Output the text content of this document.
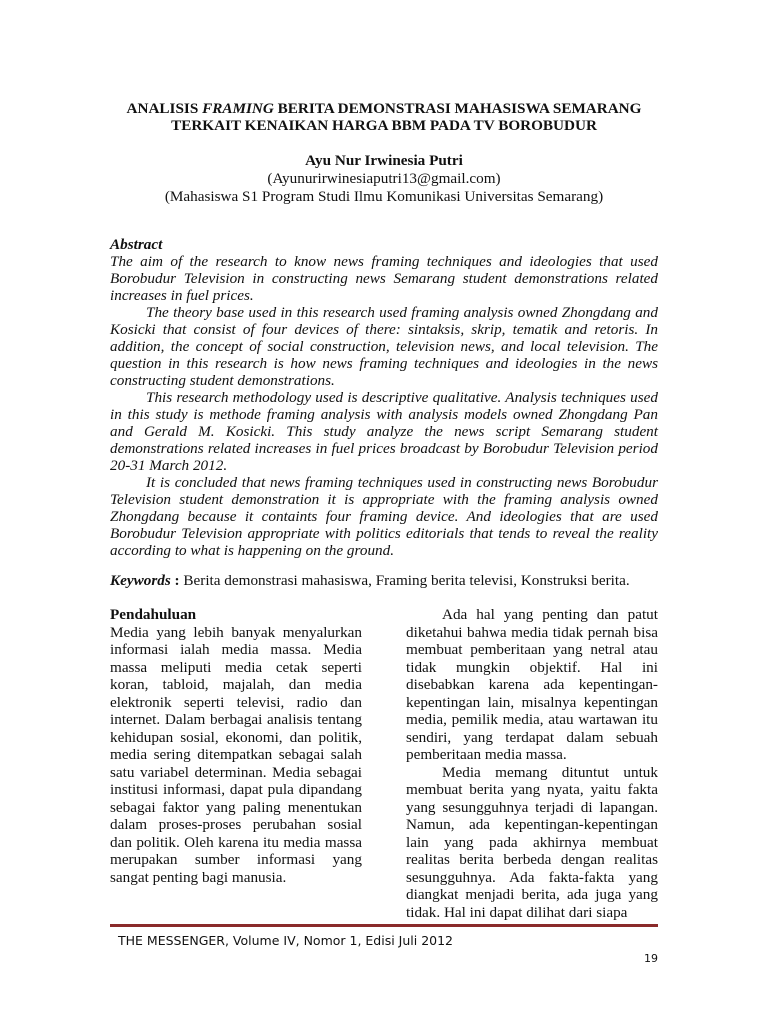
ANALISIS FRAMING BERITA DEMONSTRASI MAHASISWA SEMARANG
TERKAIT KENAIKAN HARGA BBM PADA TV BOROBUDUR
Ayu Nur Irwinesia Putri
(Ayunurirwinesiaputri13@gmail.com)
(Mahasiswa S1 Program Studi Ilmu Komunikasi Universitas Semarang)
Abstract

The aim of the research to know news framing techniques and ideologies that used Borobudur Television in constructing news Semarang student demonstrations related increases in fuel prices.

The theory base used in this research used framing analysis owned Zhongdang and Kosicki that consist of four devices of there: sintaksis, skrip, tematik and retoris. In addition, the concept of social construction, television news, and local television. The question in this research is how news framing techniques and ideologies in the news constructing student demonstrations.

This research methodology used is descriptive qualitative. Analysis techniques used in this study is methode framing analysis with analysis models owned Zhongdang Pan and Gerald M. Kosicki. This study analyze the news script Semarang student demonstrations related increases in fuel prices broadcast by Borobudur Television period 20-31 March 2012.

It is concluded that news framing techniques used in constructing news Borobudur Television student demonstration it is appropriate with the framing analysis owned Zhongdang because it containts four framing device. And ideologies that are used Borobudur Television appropriate with politics editorials that tends to reveal the reality according to what is happening on the ground.

Keywords : Berita demonstrasi mahasiswa, Framing berita televisi, Konstruksi berita.
Pendahuluan

Media yang lebih banyak menyalurkan informasi ialah media massa. Media massa meliputi media cetak seperti koran, tabloid, majalah, dan media elektronik seperti televisi, radio dan internet. Dalam berbagai analisis tentang kehidupan sosial, ekonomi, dan politik, media sering ditempatkan sebagai salah satu variabel determinan. Media sebagai institusi informasi, dapat pula dipandang sebagai faktor yang paling menentukan dalam proses-proses perubahan sosial dan politik. Oleh karena itu media massa merupakan sumber informasi yang sangat penting bagi manusia.

Ada hal yang penting dan patut diketahui bahwa media tidak pernah bisa membuat pemberitaan yang netral atau tidak mungkin objektif. Hal ini disebabkan karena ada kepentingan-kepentingan lain, misalnya kepentingan media, pemilik media, atau wartawan itu sendiri, yang terdapat dalam sebuah pemberitaan media massa.

Media memang dituntut untuk membuat berita yang nyata, yaitu fakta yang sesungguhnya terjadi di lapangan. Namun, ada kepentingan-kepentingan lain yang pada akhirnya membuat realitas berita berbeda dengan realitas sesungguhnya. Ada fakta-fakta yang diangkat menjadi berita, ada juga yang tidak. Hal ini dapat dilihat dari siapa

THE MESSENGER, Volume IV, Nomor 1, Edisi Juli 2012
19
